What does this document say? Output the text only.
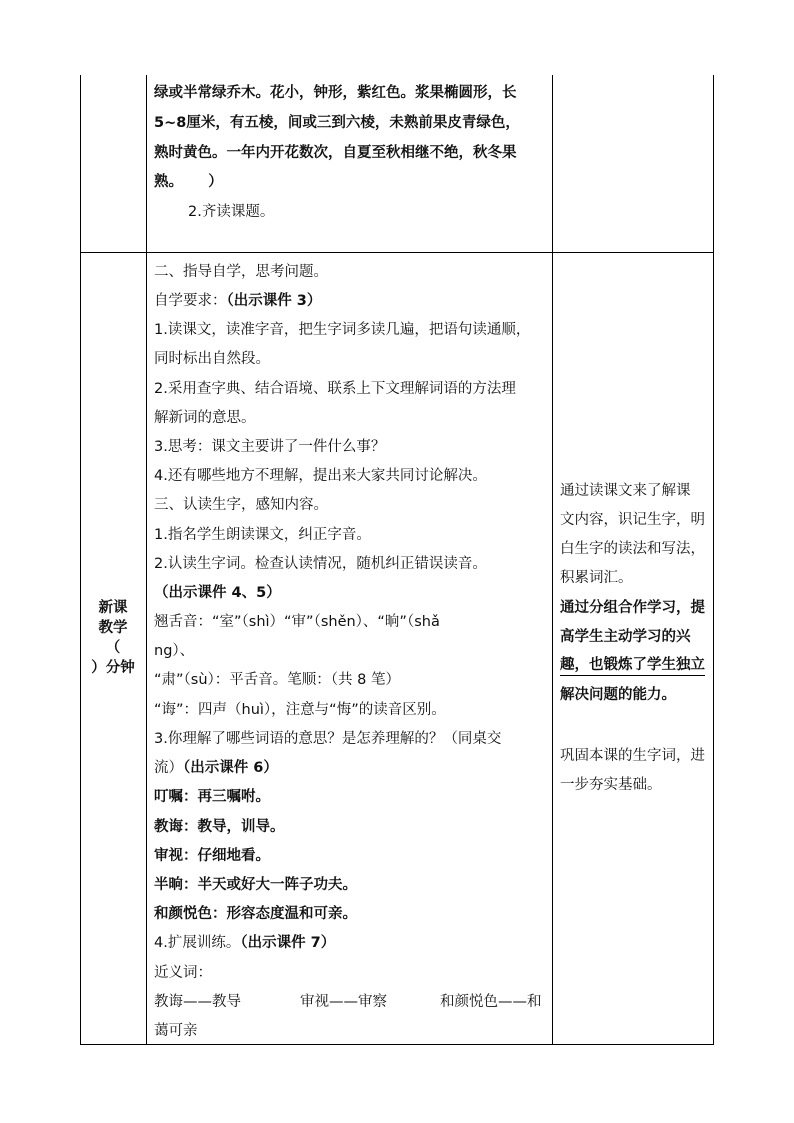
绿或半常绿乔木。花小，钟形，紫红色。浆果椭圆形，长
5~8厘米，有五棱，间或三到六棱，未熟前果皮青绿色，
熟时黄色。一年内开花数次，自夏至秋相继不绝，秋冬果
熟。     ）
2.齐读课题。
新课
教学
（
）分钟
二、指导自学，思考问题。
自学要求：（出示课件 3）
1.读课文，读准字音，把生字词多读几遍，把语句读通顺，
同时标出自然段。
2.采用查字典、结合语境、联系上下文理解词语的方法理
解新词的意思。
3.思考：课文主要讲了一件什么事？
4.还有哪些地方不理解，提出来大家共同讨论解决。
三、认读生字，感知内容。
1.指名学生朗读课文，纠正字音。
2.认读生字词。检查认读情况，随机纠正错误读音。
（出示课件 4、5）
翘舌音：“室”（shì）“审”（shěn）、“晌”（shǎ
ng）、
“肃”（sù）：平舌音。笔顺：（共 8 笔）
“诲”：四声（huì），注意与“悔”的读音区别。
3.你理解了哪些词语的意思？是怎养理解的？（同桌交
流）（出示课件 6）
叮嘱：再三嘱咐。
教诲：教导，训导。
审视：仔细地看。
半晌：半天或好大一阵子功夫。
和颜悦色：形容态度温和可亲。
4.扩展训练。（出示课件 7）
近义词：
教诲——教导	审视——审察	和颜悦色——和
蔼可亲
通过读课文来了解课
文内容，识记生字，明
白生字的读法和写法，
积累词汇。
通过分组合作学习，提
高学生主动学习的兴
趣，也锻炼了学生独立
解决问题的能力。
巩固本课的生字词，进
一步夯实基础。
